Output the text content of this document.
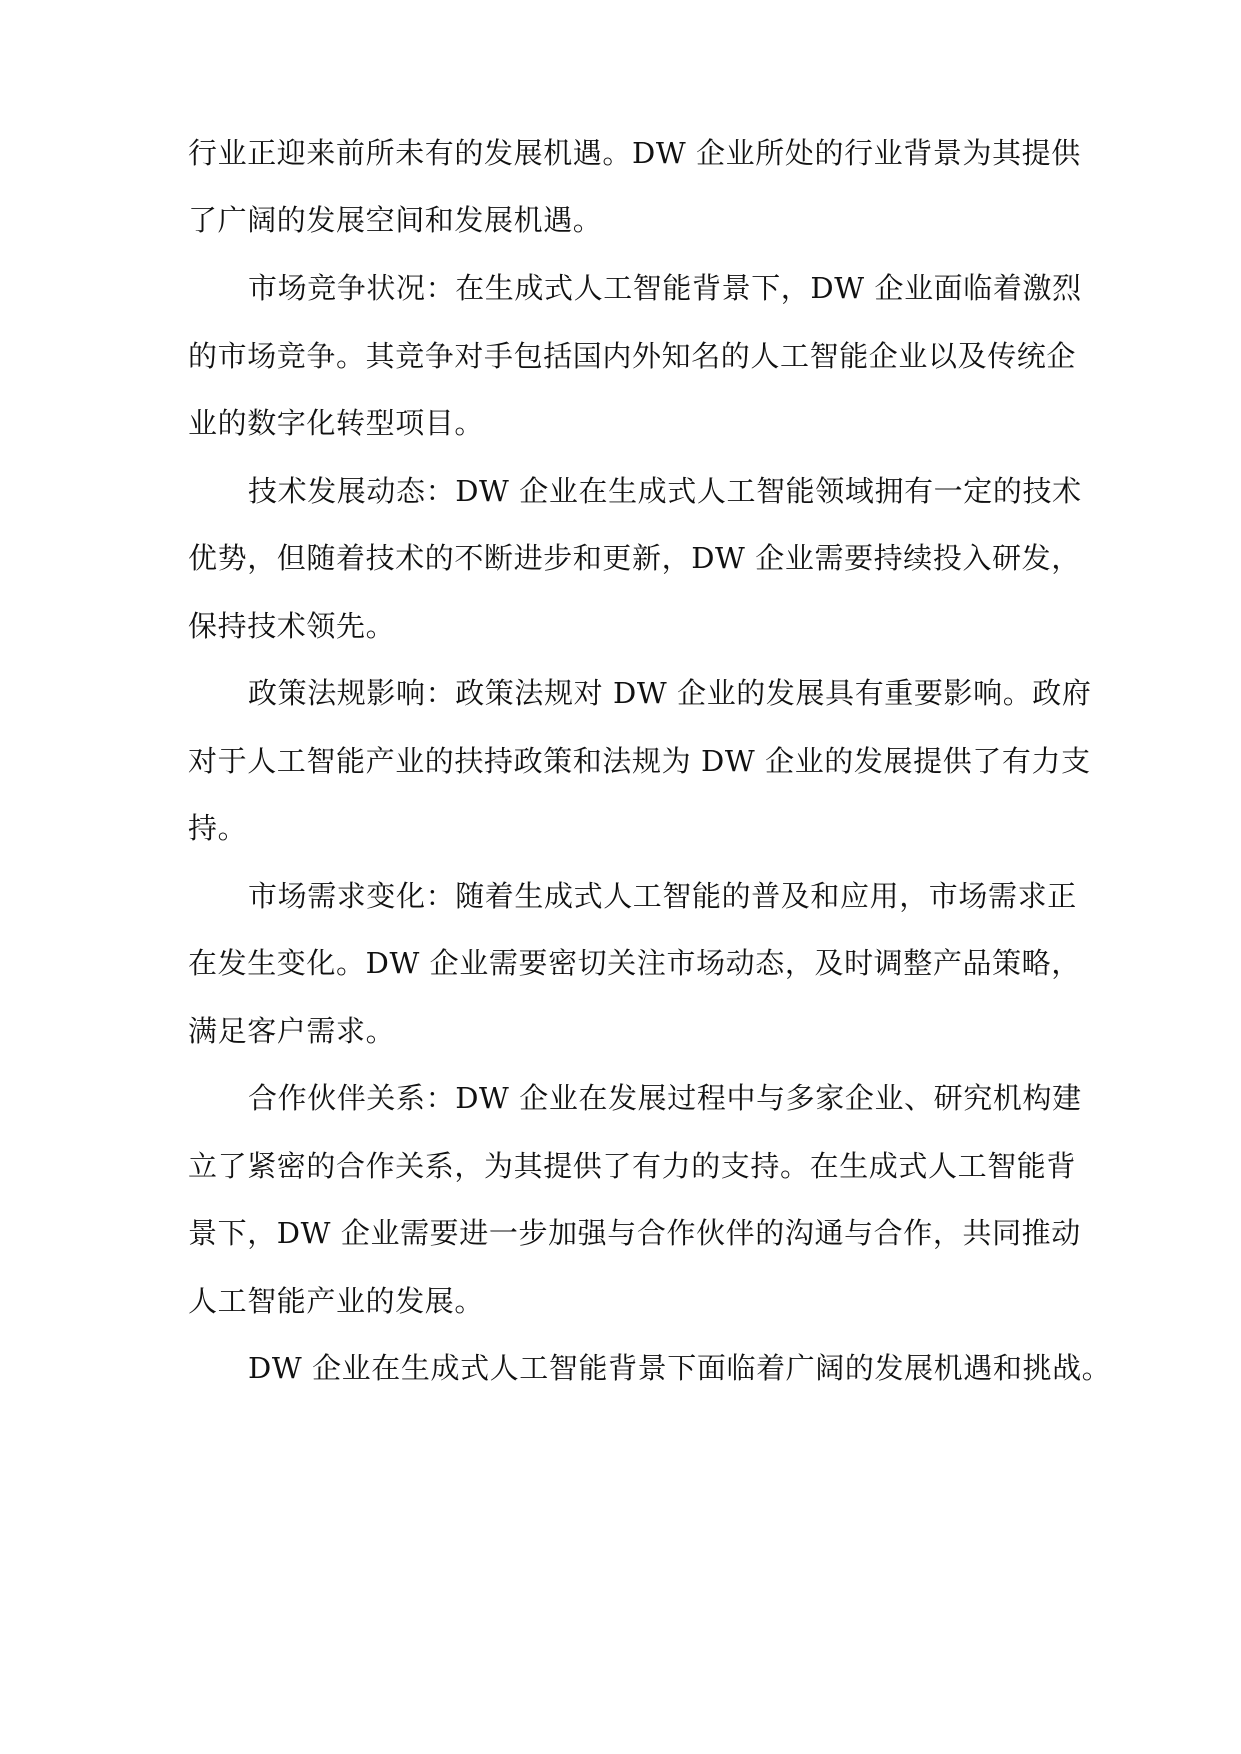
行业正迎来前所未有的发展机遇。DW 企业所处的行业背景为其提供
了广阔的发展空间和发展机遇。
市场竞争状况：在生成式人工智能背景下，DW 企业面临着激烈
的市场竞争。其竞争对手包括国内外知名的人工智能企业以及传统企
业的数字化转型项目。
技术发展动态：DW 企业在生成式人工智能领域拥有一定的技术
优势，但随着技术的不断进步和更新，DW 企业需要持续投入研发，
保持技术领先。
政策法规影响：政策法规对 DW 企业的发展具有重要影响。政府
对于人工智能产业的扶持政策和法规为 DW 企业的发展提供了有力支
持。
市场需求变化：随着生成式人工智能的普及和应用，市场需求正
在发生变化。DW 企业需要密切关注市场动态，及时调整产品策略，
满足客户需求。
合作伙伴关系：DW 企业在发展过程中与多家企业、研究机构建
立了紧密的合作关系，为其提供了有力的支持。在生成式人工智能背
景下，DW 企业需要进一步加强与合作伙伴的沟通与合作，共同推动
人工智能产业的发展。
DW 企业在生成式人工智能背景下面临着广阔的发展机遇和挑战。
